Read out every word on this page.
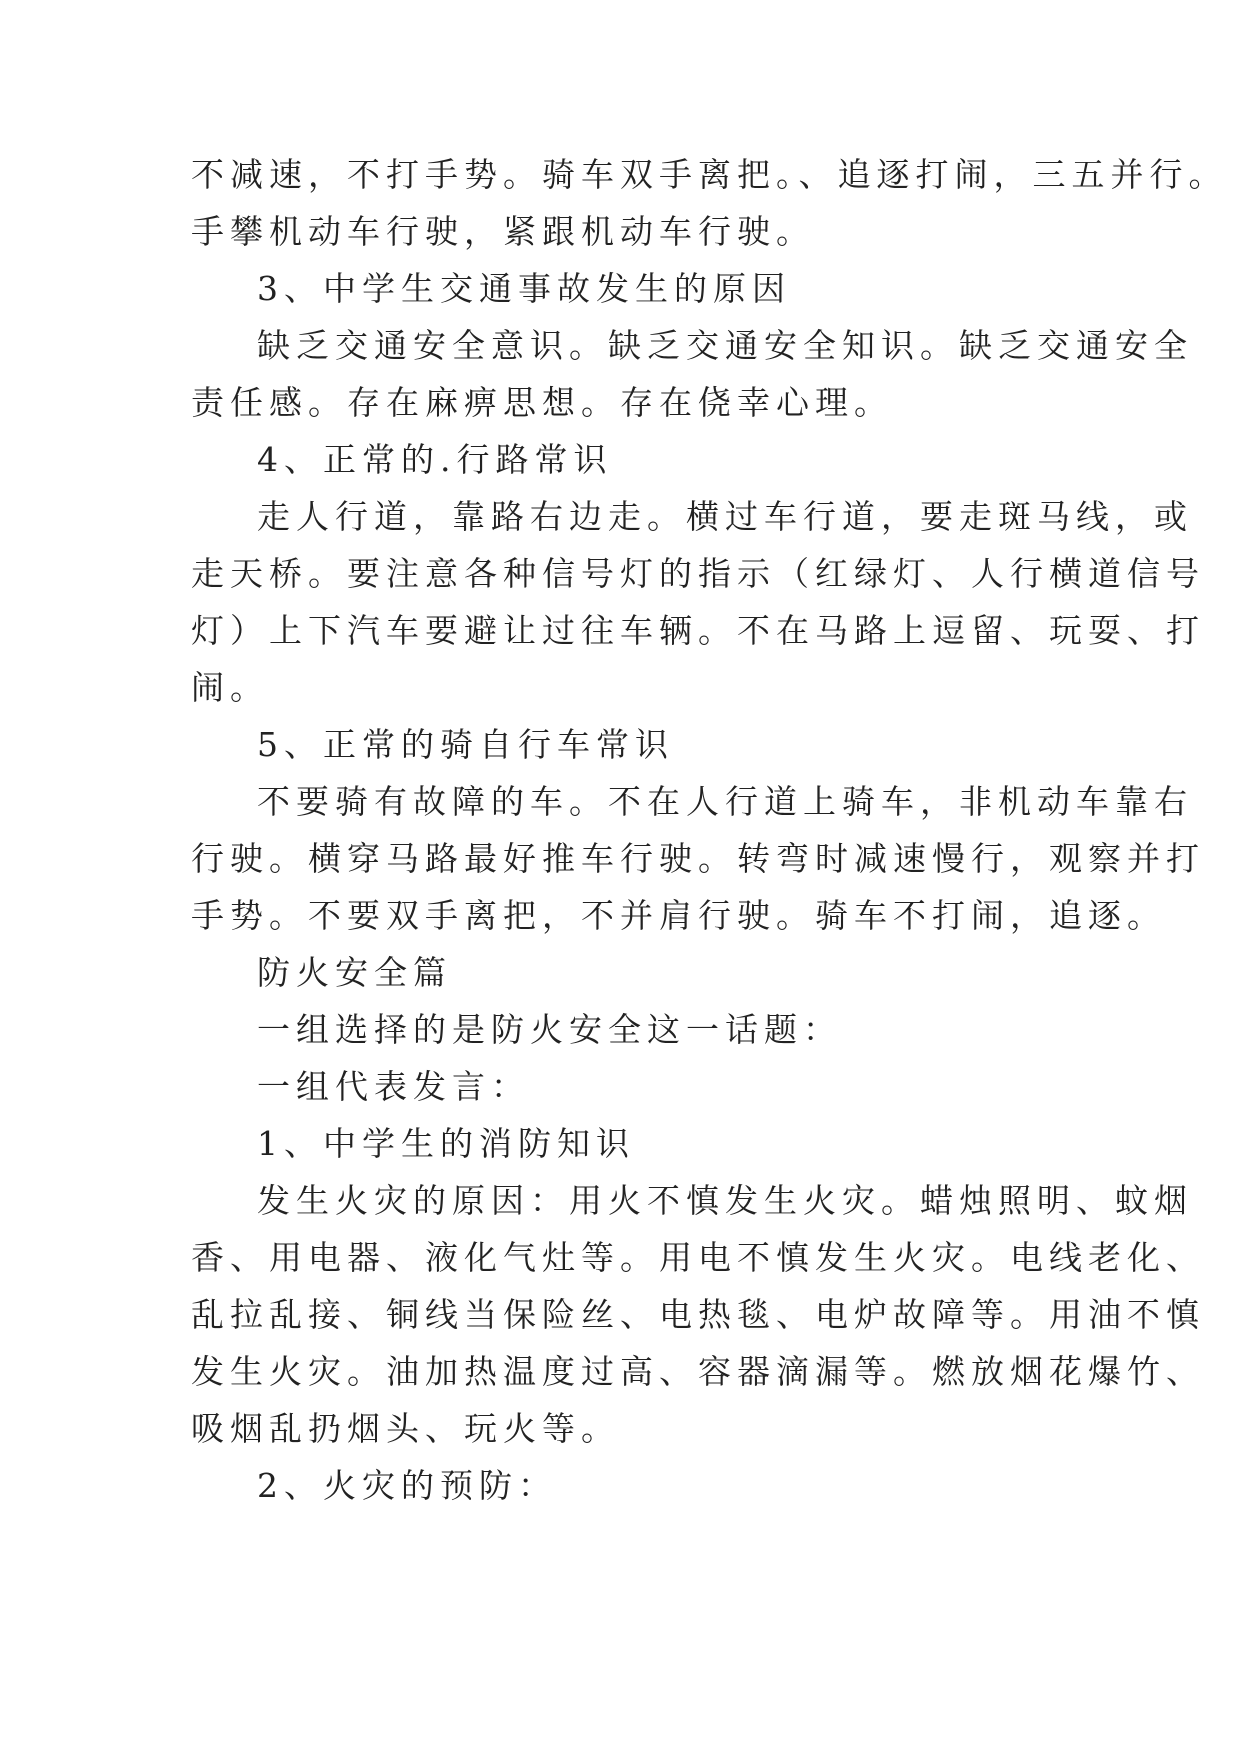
不减速，不打手势。骑车双手离把。、追逐打闹，三五并行。
手攀机动车行驶，紧跟机动车行驶。
3、中学生交通事故发生的原因
缺乏交通安全意识。缺乏交通安全知识。缺乏交通安全
责任感。存在麻痹思想。存在侥幸心理。
4、正常的.行路常识
走人行道，靠路右边走。横过车行道，要走斑马线，或
走天桥。要注意各种信号灯的指示（红绿灯、人行横道信号
灯）上下汽车要避让过往车辆。不在马路上逗留、玩耍、打
闹。
5、正常的骑自行车常识
不要骑有故障的车。不在人行道上骑车，非机动车靠右
行驶。横穿马路最好推车行驶。转弯时减速慢行，观察并打
手势。不要双手离把，不并肩行驶。骑车不打闹，追逐。
防火安全篇
一组选择的是防火安全这一话题：
一组代表发言：
1、中学生的消防知识
发生火灾的原因：用火不慎发生火灾。蜡烛照明、蚊烟
香、用电器、液化气灶等。用电不慎发生火灾。电线老化、
乱拉乱接、铜线当保险丝、电热毯、电炉故障等。用油不慎
发生火灾。油加热温度过高、容器滴漏等。燃放烟花爆竹、
吸烟乱扔烟头、玩火等。
2、火灾的预防：
